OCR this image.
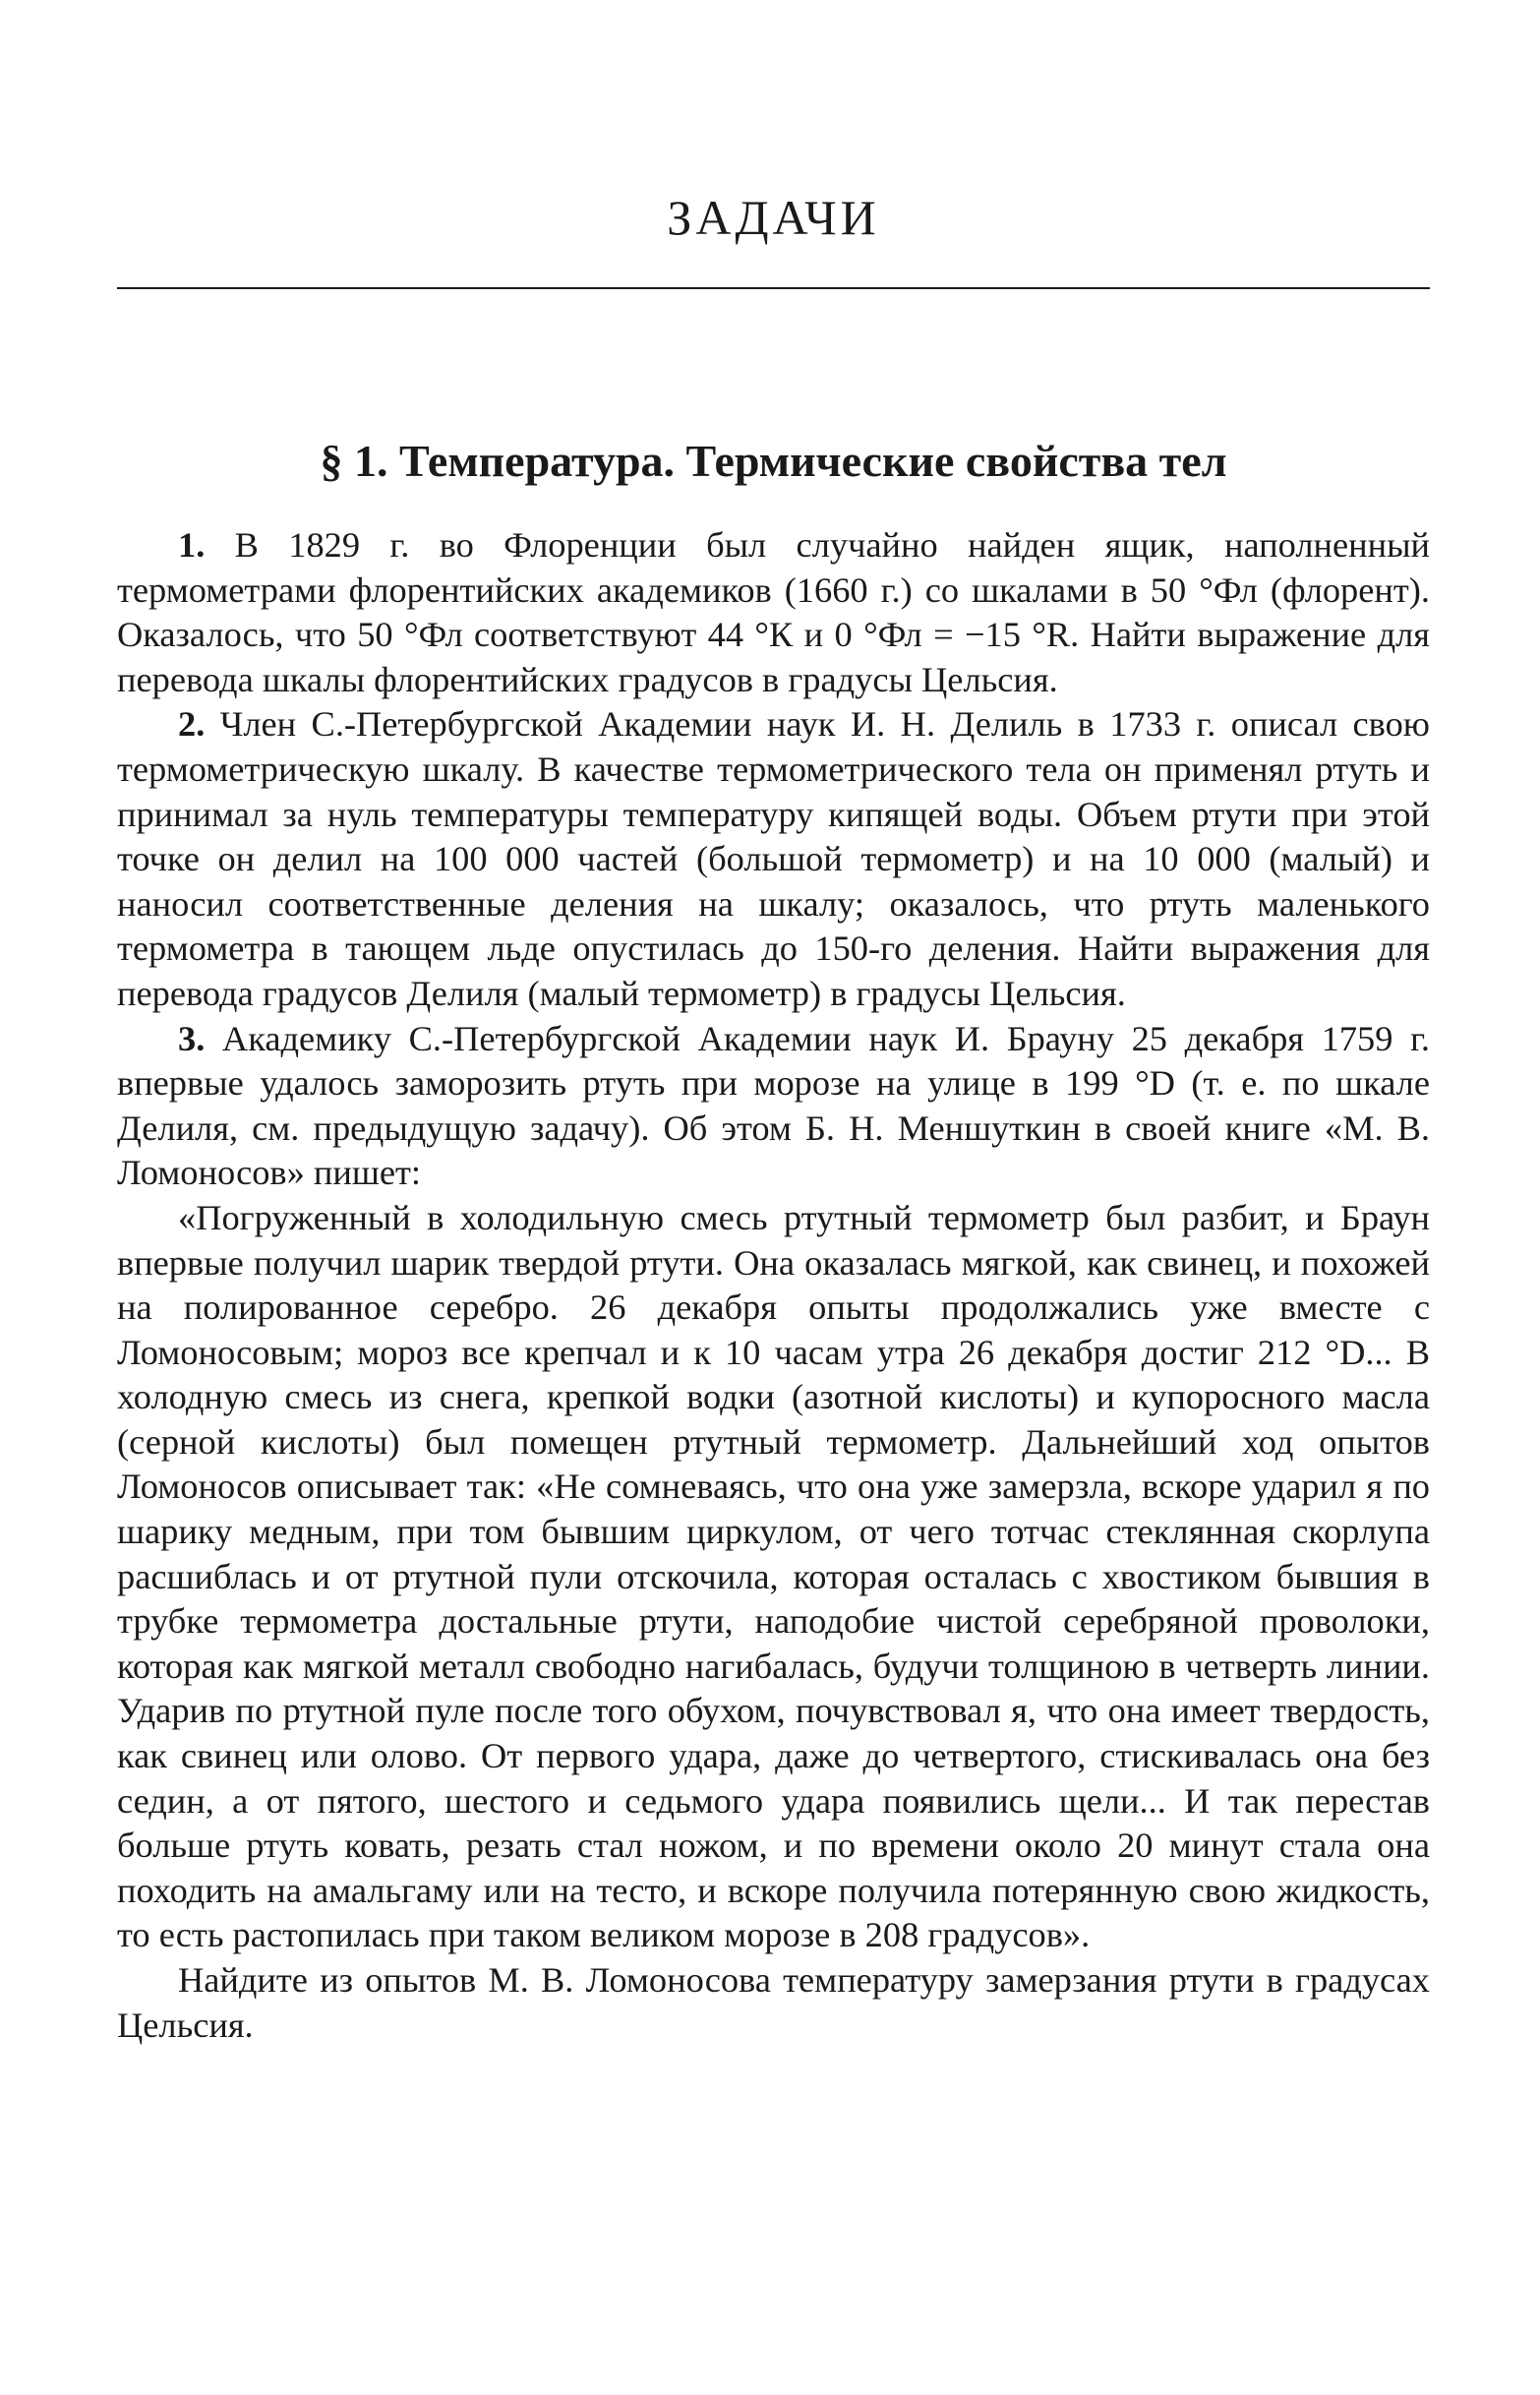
ЗАДАЧИ
§ 1. Температура. Термические свойства тел

1. В 1829 г. во Флоренции был случайно найден ящик, наполненный термометрами флорентийских академиков (1660 г.) со шкалами в 50 °Фл (флорент). Оказалось, что 50 °Фл соответствуют 44 °К и 0 °Фл = −15 °R. Найти выражение для перевода шкалы флорентийских градусов в градусы Цельсия.

2. Член С.-Петербургской Академии наук И. Н. Делиль в 1733 г. описал свою термометрическую шкалу. В качестве термометрического тела он применял ртуть и принимал за нуль температуры температуру кипящей воды. Объем ртути при этой точке он делил на 100 000 частей (большой термометр) и на 10 000 (малый) и наносил соответственные деления на шкалу; оказалось, что ртуть маленького термометра в тающем льде опустилась до 150-го деления. Найти выражения для перевода градусов Делиля (малый термометр) в градусы Цельсия.

3. Академику С.-Петербургской Академии наук И. Брауну 25 декабря 1759 г. впервые удалось заморозить ртуть при морозе на улице в 199 °D (т. е. по шкале Делиля, см. предыдущую задачу). Об этом Б. Н. Меншуткин в своей книге «М. В. Ломоносов» пишет:

«Погруженный в холодильную смесь ртутный термометр был разбит, и Браун впервые получил шарик твердой ртути. Она оказалась мягкой, как свинец, и похожей на полированное серебро. 26 декабря опыты продолжались уже вместе с Ломоносовым; мороз все крепчал и к 10 часам утра 26 декабря достиг 212 °D... В холодную смесь из снега, крепкой водки (азотной кислоты) и купоросного масла (серной кислоты) был помещен ртутный термометр. Дальнейший ход опытов Ломоносов описывает так: «Не сомневаясь, что она уже замерзла, вскоре ударил я по шарику медным, при том бывшим циркулом, от чего тотчас стеклянная скорлупа расшиблась и от ртутной пули отскочила, которая осталась с хвостиком бывшия в трубке термометра достальные ртути, наподобие чистой серебряной проволоки, которая как мягкой металл свободно нагибалась, будучи толщиною в четверть линии. Ударив по ртутной пуле после того обухом, почувствовал я, что она имеет твердость, как свинец или олово. От первого удара, даже до четвертого, стискивалась она без седин, а от пятого, шестого и седьмого удара появились щели... И так перестав больше ртуть ковать, резать стал ножом, и по времени около 20 минут стала она походить на амальгаму или на тесто, и вскоре получила потерянную свою жидкость, то есть растопилась при таком великом морозе в 208 градусов».

Найдите из опытов М. В. Ломоносова температуру замерзания ртути в градусах Цельсия.
